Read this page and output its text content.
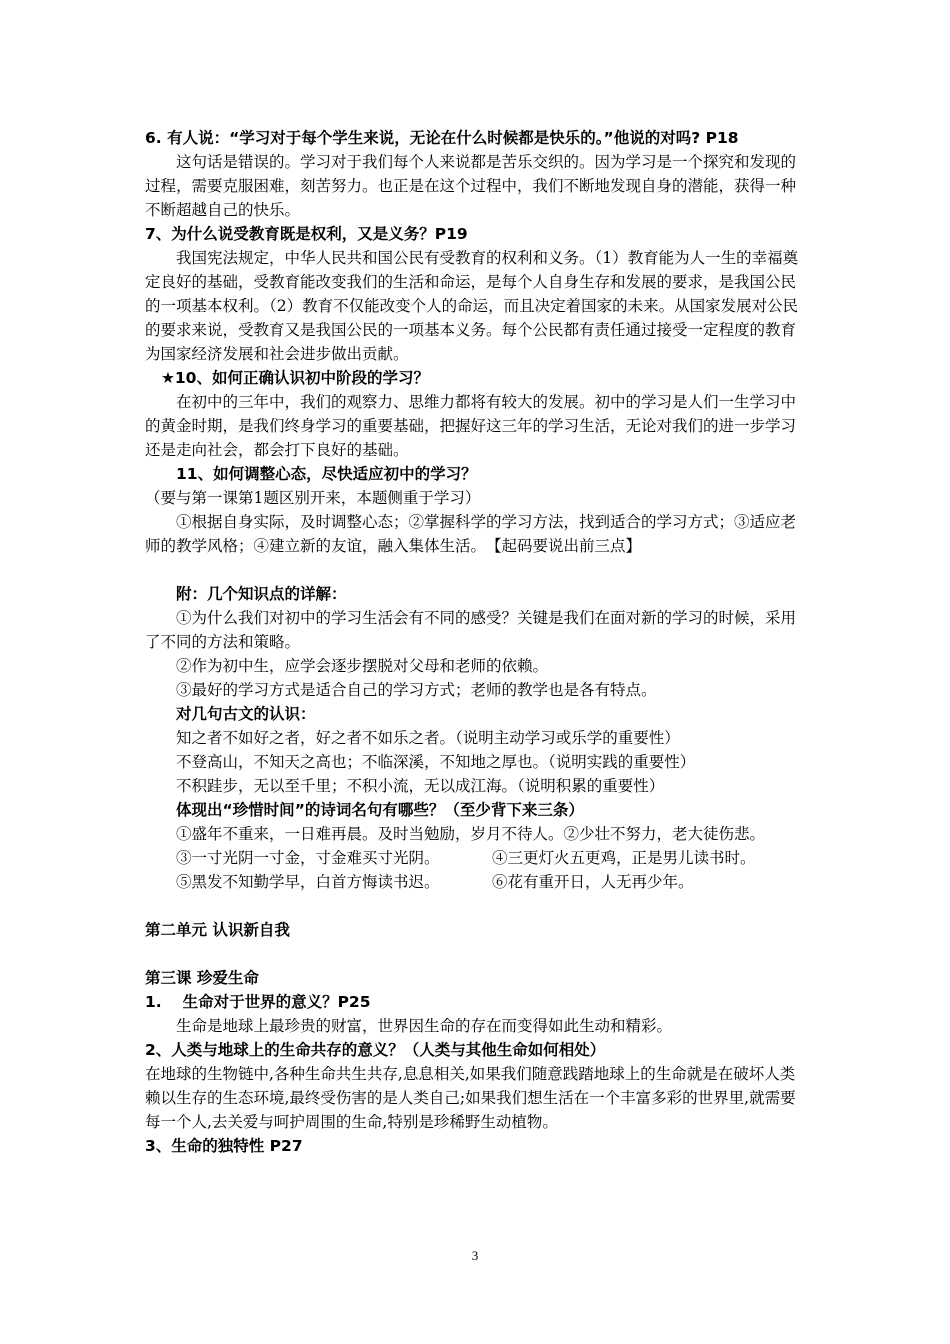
6. 有人说：“学习对于每个学生来说，无论在什么时候都是快乐的。”他说的对吗? P18

这句话是错误的。学习对于我们每个人来说都是苦乐交织的。因为学习是一个探究和发现的过程，需要克服困难，刻苦努力。也正是在这个过程中，我们不断地发现自身的潜能，获得一种不断超越自己的快乐。

7、为什么说受教育既是权利，又是义务？P19

我国宪法规定，中华人民共和国公民有受教育的权利和义务。（1）教育能为人一生的幸福奠定良好的基础，受教育能改变我们的生活和命运，是每个人自身生存和发展的要求，是我国公民的一项基本权利。（2）教育不仅能改变个人的命运，而且决定着国家的未来。从国家发展对公民的要求来说，受教育又是我国公民的一项基本义务。每个公民都有责任通过接受一定程度的教育为国家经济发展和社会进步做出贡献。

★10、如何正确认识初中阶段的学习？

在初中的三年中，我们的观察力、思维力都将有较大的发展。初中的学习是人们一生学习中的黄金时期，是我们终身学习的重要基础，把握好这三年的学习生活，无论对我们的进一步学习还是走向社会，都会打下良好的基础。

11、如何调整心态，尽快适应初中的学习？（要与第一课第1题区别开来，本题侧重于学习）

①根据自身实际，及时调整心态；②掌握科学的学习方法，找到适合的学习方式；③适应老师的教学风格；④建立新的友谊，融入集体生活。　【起码要说出前三点】

附：几个知识点的详解：

①为什么我们对初中的学习生活会有不同的感受？关键是我们在面对新的学习的时候，采用了不同的方法和策略。

②作为初中生，应学会逐步摆脱对父母和老师的依赖。

③最好的学习方式是适合自己的学习方式；老师的教学也是各有特点。

对几句古文的认识：

知之者不如好之者，好之者不如乐之者。（说明主动学习或乐学的重要性）

不登高山，不知天之高也；不临深溪，不知地之厚也。（说明实践的重要性）

不积跬步，无以至千里；不积小流，无以成江海。（说明积累的重要性）

体现出“珍惜时间”的诗词名句有哪些？（至少背下来三条）

①盛年不重来，一日难再晨。及时当勉励，岁月不待人。②少壮不努力，老大徒伤悲。

③一寸光阴一寸金，寸金难买寸光阴。	④三更灯火五更鸡，正是男儿读书时。

⑤黑发不知勤学早，白首方悔读书迟。	⑥花有重开日，人无再少年。

第二单元 认识新自我

第三课 珍爱生命

1.　 生命对于世界的意义？P25

生命是地球上最珍贵的财富，世界因生命的存在而变得如此生动和精彩。

2、人类与地球上的生命共存的意义？（人类与其他生命如何相处）

在地球的生物链中,各种生命共生共存,息息相关,如果我们随意践踏地球上的生命就是在破坏人类赖以生存的生态环境,最终受伤害的是人类自己;如果我们想生活在一个丰富多彩的世界里,就需要每一个人,去关爱与呵护周围的生命,特别是珍稀野生动植物。

3、生命的独特性 P27

3
